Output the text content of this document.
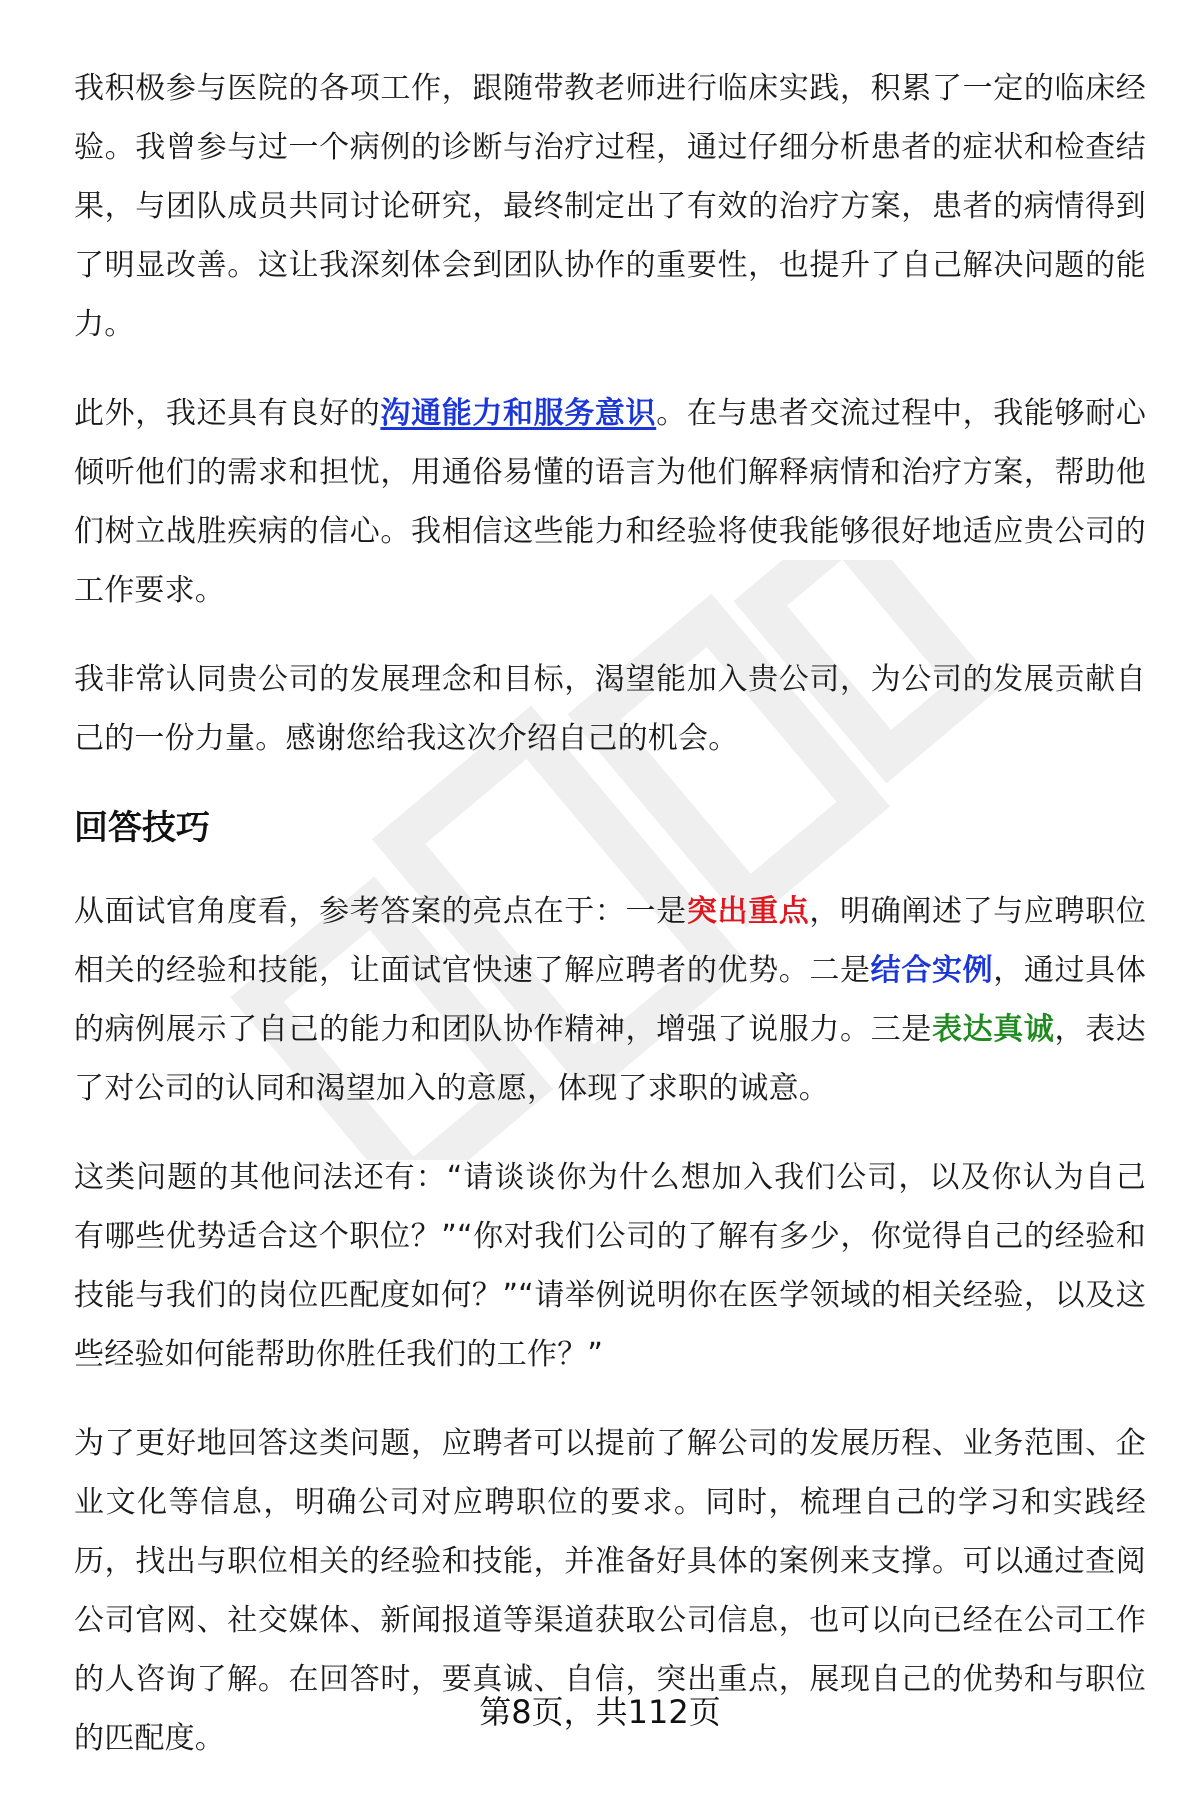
我积极参与医院的各项工作，跟随带教老师进行临床实践，积累了一定的临床经验。我曾参与过一个病例的诊断与治疗过程，通过仔细分析患者的症状和检查结果，与团队成员共同讨论研究，最终制定出了有效的治疗方案，患者的病情得到了明显改善。这让我深刻体会到团队协作的重要性，也提升了自己解决问题的能力。

此外，我还具有良好的沟通能力和服务意识。在与患者交流过程中，我能够耐心倾听他们的需求和担忧，用通俗易懂的语言为他们解释病情和治疗方案，帮助他们树立战胜疾病的信心。我相信这些能力和经验将使我能够很好地适应贵公司的工作要求。

我非常认同贵公司的发展理念和目标，渴望能加入贵公司，为公司的发展贡献自己的一份力量。感谢您给我这次介绍自己的机会。

回答技巧

从面试官角度看，参考答案的亮点在于：一是突出重点，明确阐述了与应聘职位相关的经验和技能，让面试官快速了解应聘者的优势。二是结合实例，通过具体的病例展示了自己的能力和团队协作精神，增强了说服力。三是表达真诚，表达了对公司的认同和渴望加入的意愿，体现了求职的诚意。

这类问题的其他问法还有：“请谈谈你为什么想加入我们公司，以及你认为自己有哪些优势适合这个职位？”“你对我们公司的了解有多少，你觉得自己的经验和技能与我们的岗位匹配度如何？”“请举例说明你在医学领域的相关经验，以及这些经验如何能帮助你胜任我们的工作？”

为了更好地回答这类问题，应聘者可以提前了解公司的发展历程、业务范围、企业文化等信息，明确公司对应聘职位的要求。同时，梳理自己的学习和实践经历，找出与职位相关的经验和技能，并准备好具体的案例来支撑。可以通过查阅公司官网、社交媒体、新闻报道等渠道获取公司信息，也可以向已经在公司工作的人咨询了解。在回答时，要真诚、自信，突出重点，展现自己的优势和与职位的匹配度。

第8页，共112页
